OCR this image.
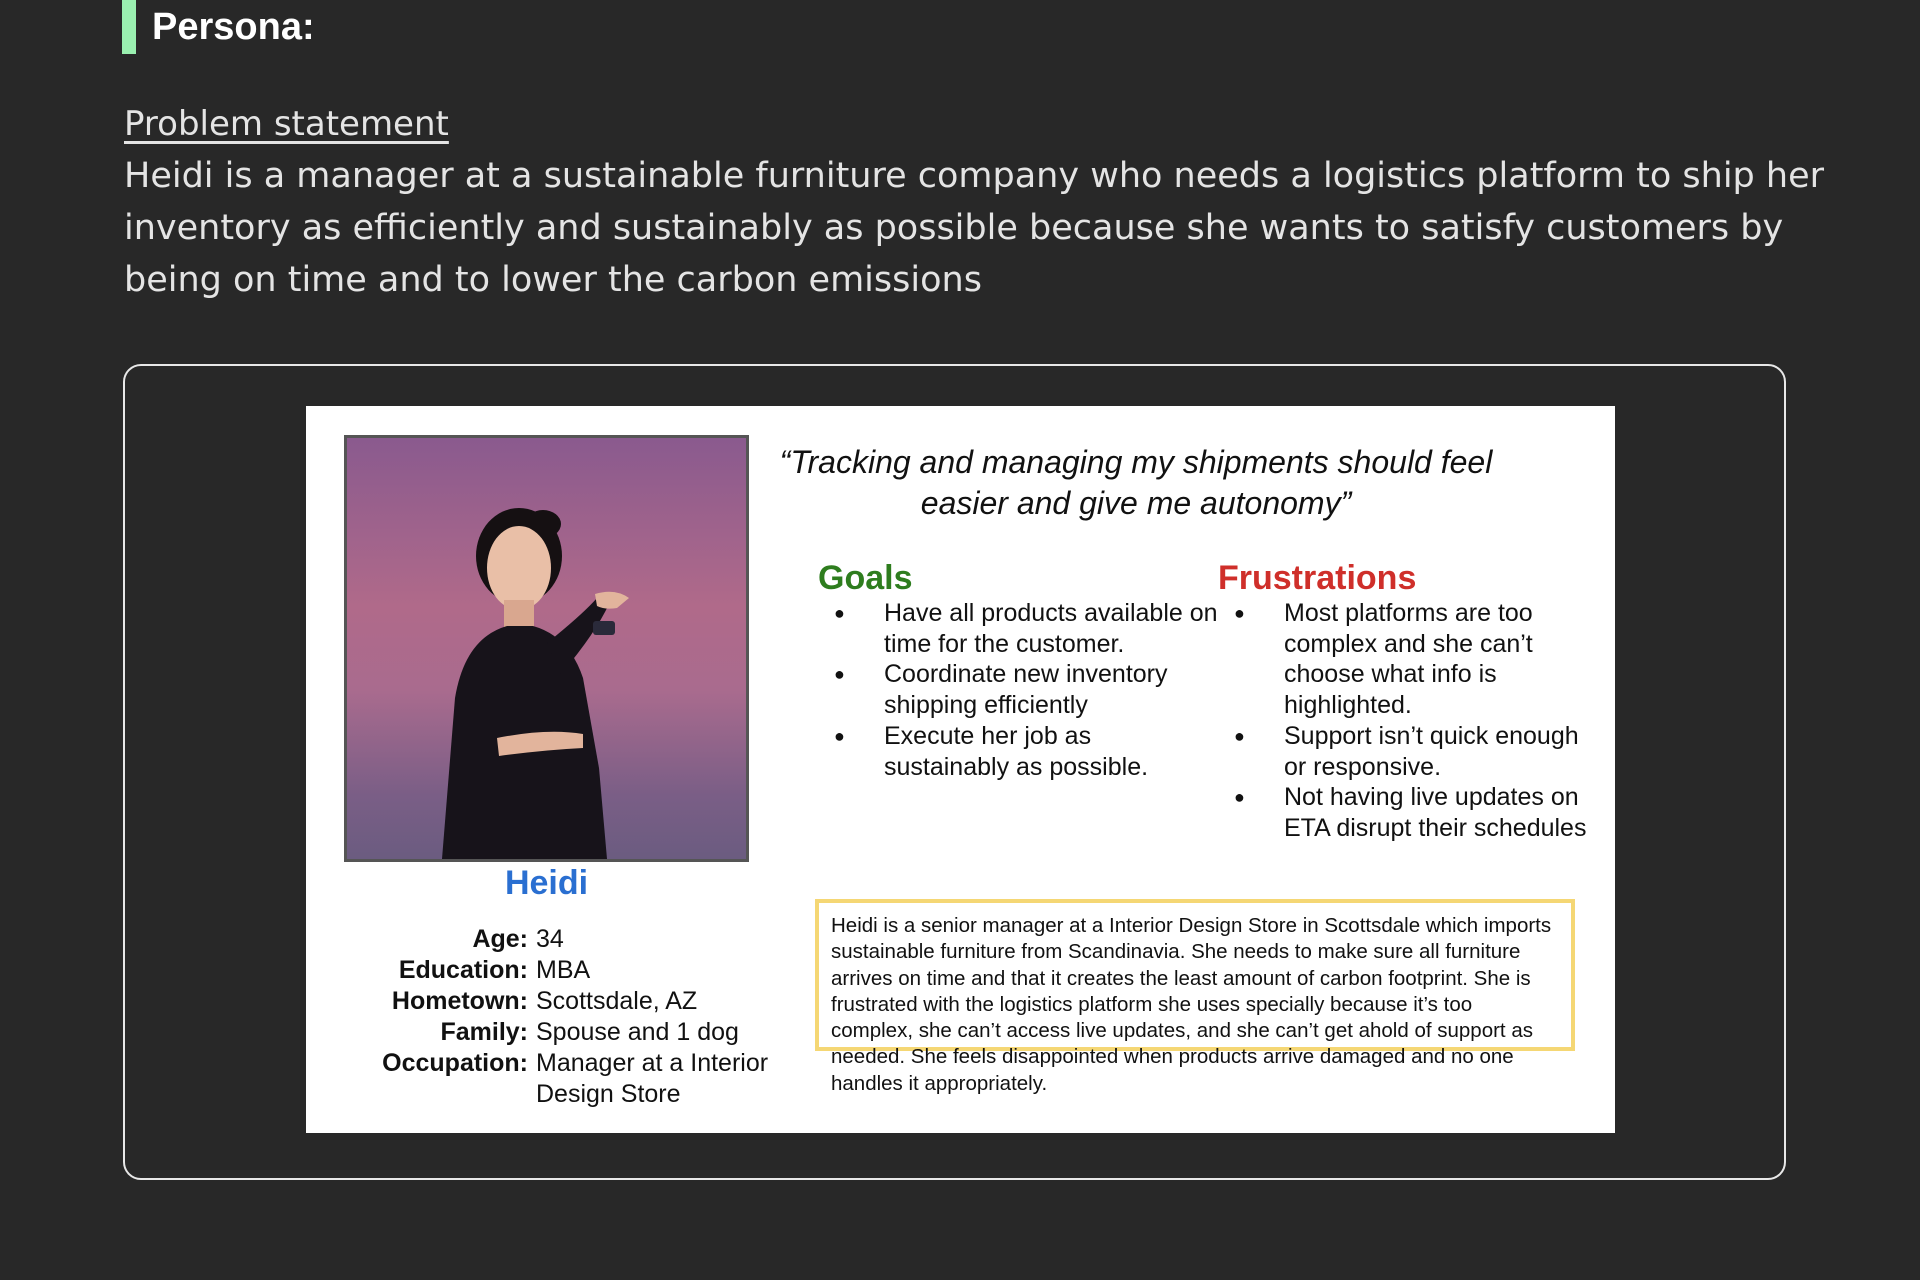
Persona:
Problem statement

Heidi is a manager at a sustainable furniture company who needs a logistics platform to ship her inventory as efficiently and sustainably as possible because she wants to satisfy customers by being on time and to lower the carbon emissions

Heidi
Age: 34
Education: MBA
Hometown: Scottsdale, AZ
Family: Spouse and 1 dog
Occupation: Manager at a Interior Design Store
“Tracking and managing my shipments should feel easier and give me autonomy”
Goals
● Have all products available on time for the customer.
● Coordinate new inventory shipping efficiently
● Execute her job as sustainably as possible.
Frustrations
● Most platforms are too complex and she can’t choose what info is highlighted.
● Support isn’t quick enough or responsive.
● Not having live updates on ETA disrupt their schedules
Heidi is a senior manager at a Interior Design Store in Scottsdale which imports sustainable furniture from Scandinavia. She needs to make sure all furniture arrives on time and that it creates the least amount of carbon footprint. She is frustrated with the logistics platform she uses specially because it’s too complex, she can’t access live updates, and she can’t get ahold of support as needed. She feels disappointed when products arrive damaged and no one handles it appropriately.
